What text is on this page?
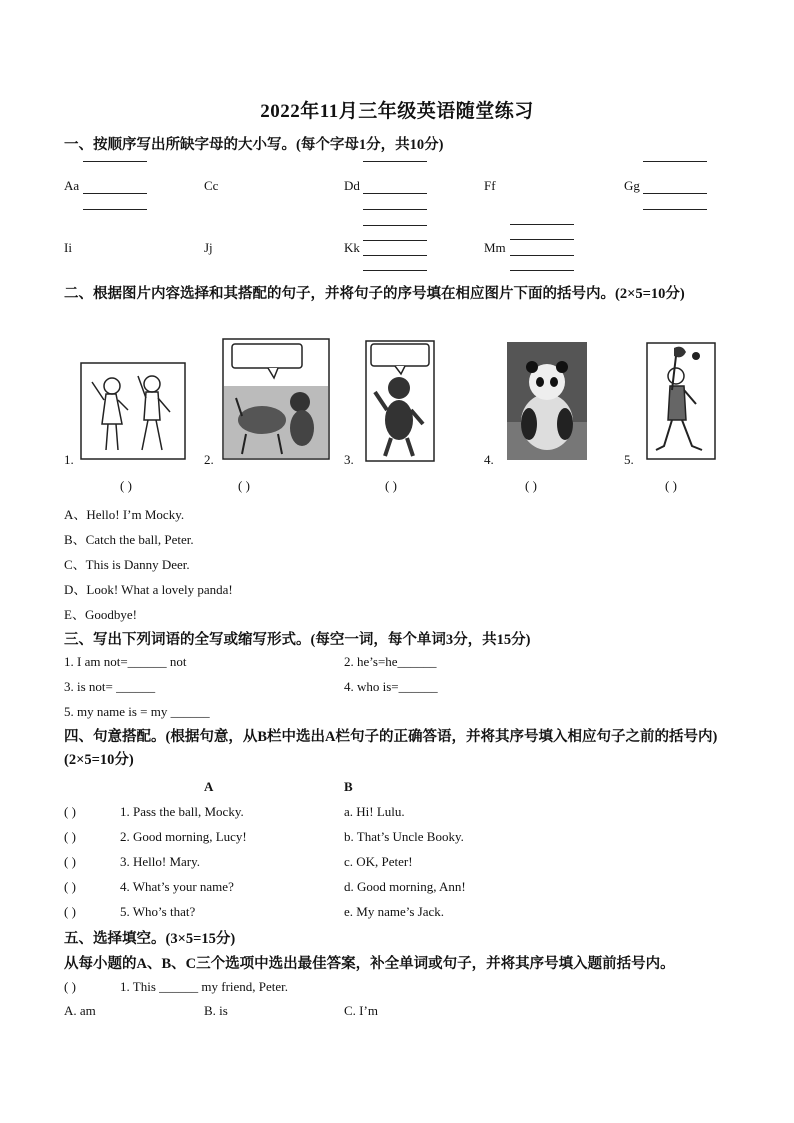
2022年11月三年级英语随堂练习
一、按顺序写出所缺字母的大小写。(每个字母1分，共10分)
Aa	Cc	Dd	Ff	Gg
Ii	Jj	Kk	Mm
二、根据图片内容选择和其搭配的句子，并将句子的序号填在相应图片下面的括号内。(2×5=10分)
1.	2.	3.	4.	5.
( )	( )	( )	( )	( )
A、Hello! I’m Mocky.
B、Catch the ball, Peter.
C、This is Danny Deer.
D、Look! What a lovely panda!
E、Goodbye!
三、写出下列词语的全写或缩写形式。(每空一词，每个单词3分，共15分)
1. I am not=______ not	2. he’s=he______
3. is not= ______	4. who is=______
5. my name is = my ______
四、句意搭配。(根据句意，从B栏中选出A栏句子的正确答语，并将其序号填入相应句子之前的括号内)(2×5=10分)
A	B
( )	1. Pass the ball, Mocky.	a. Hi! Lulu.
( )	2. Good morning, Lucy!	b. That’s Uncle Booky.
( )	3. Hello! Mary.	c. OK, Peter!
( )	4. What’s your name?	d. Good morning, Ann!
( )	5. Who’s that?	e. My name’s Jack.
五、选择填空。(3×5=15分)
从每小题的A、B、C三个选项中选出最佳答案，补全单词或句子，并将其序号填入题前括号内。
( )	1. This ______ my friend, Peter.
A. am	B. is	C. I’m
